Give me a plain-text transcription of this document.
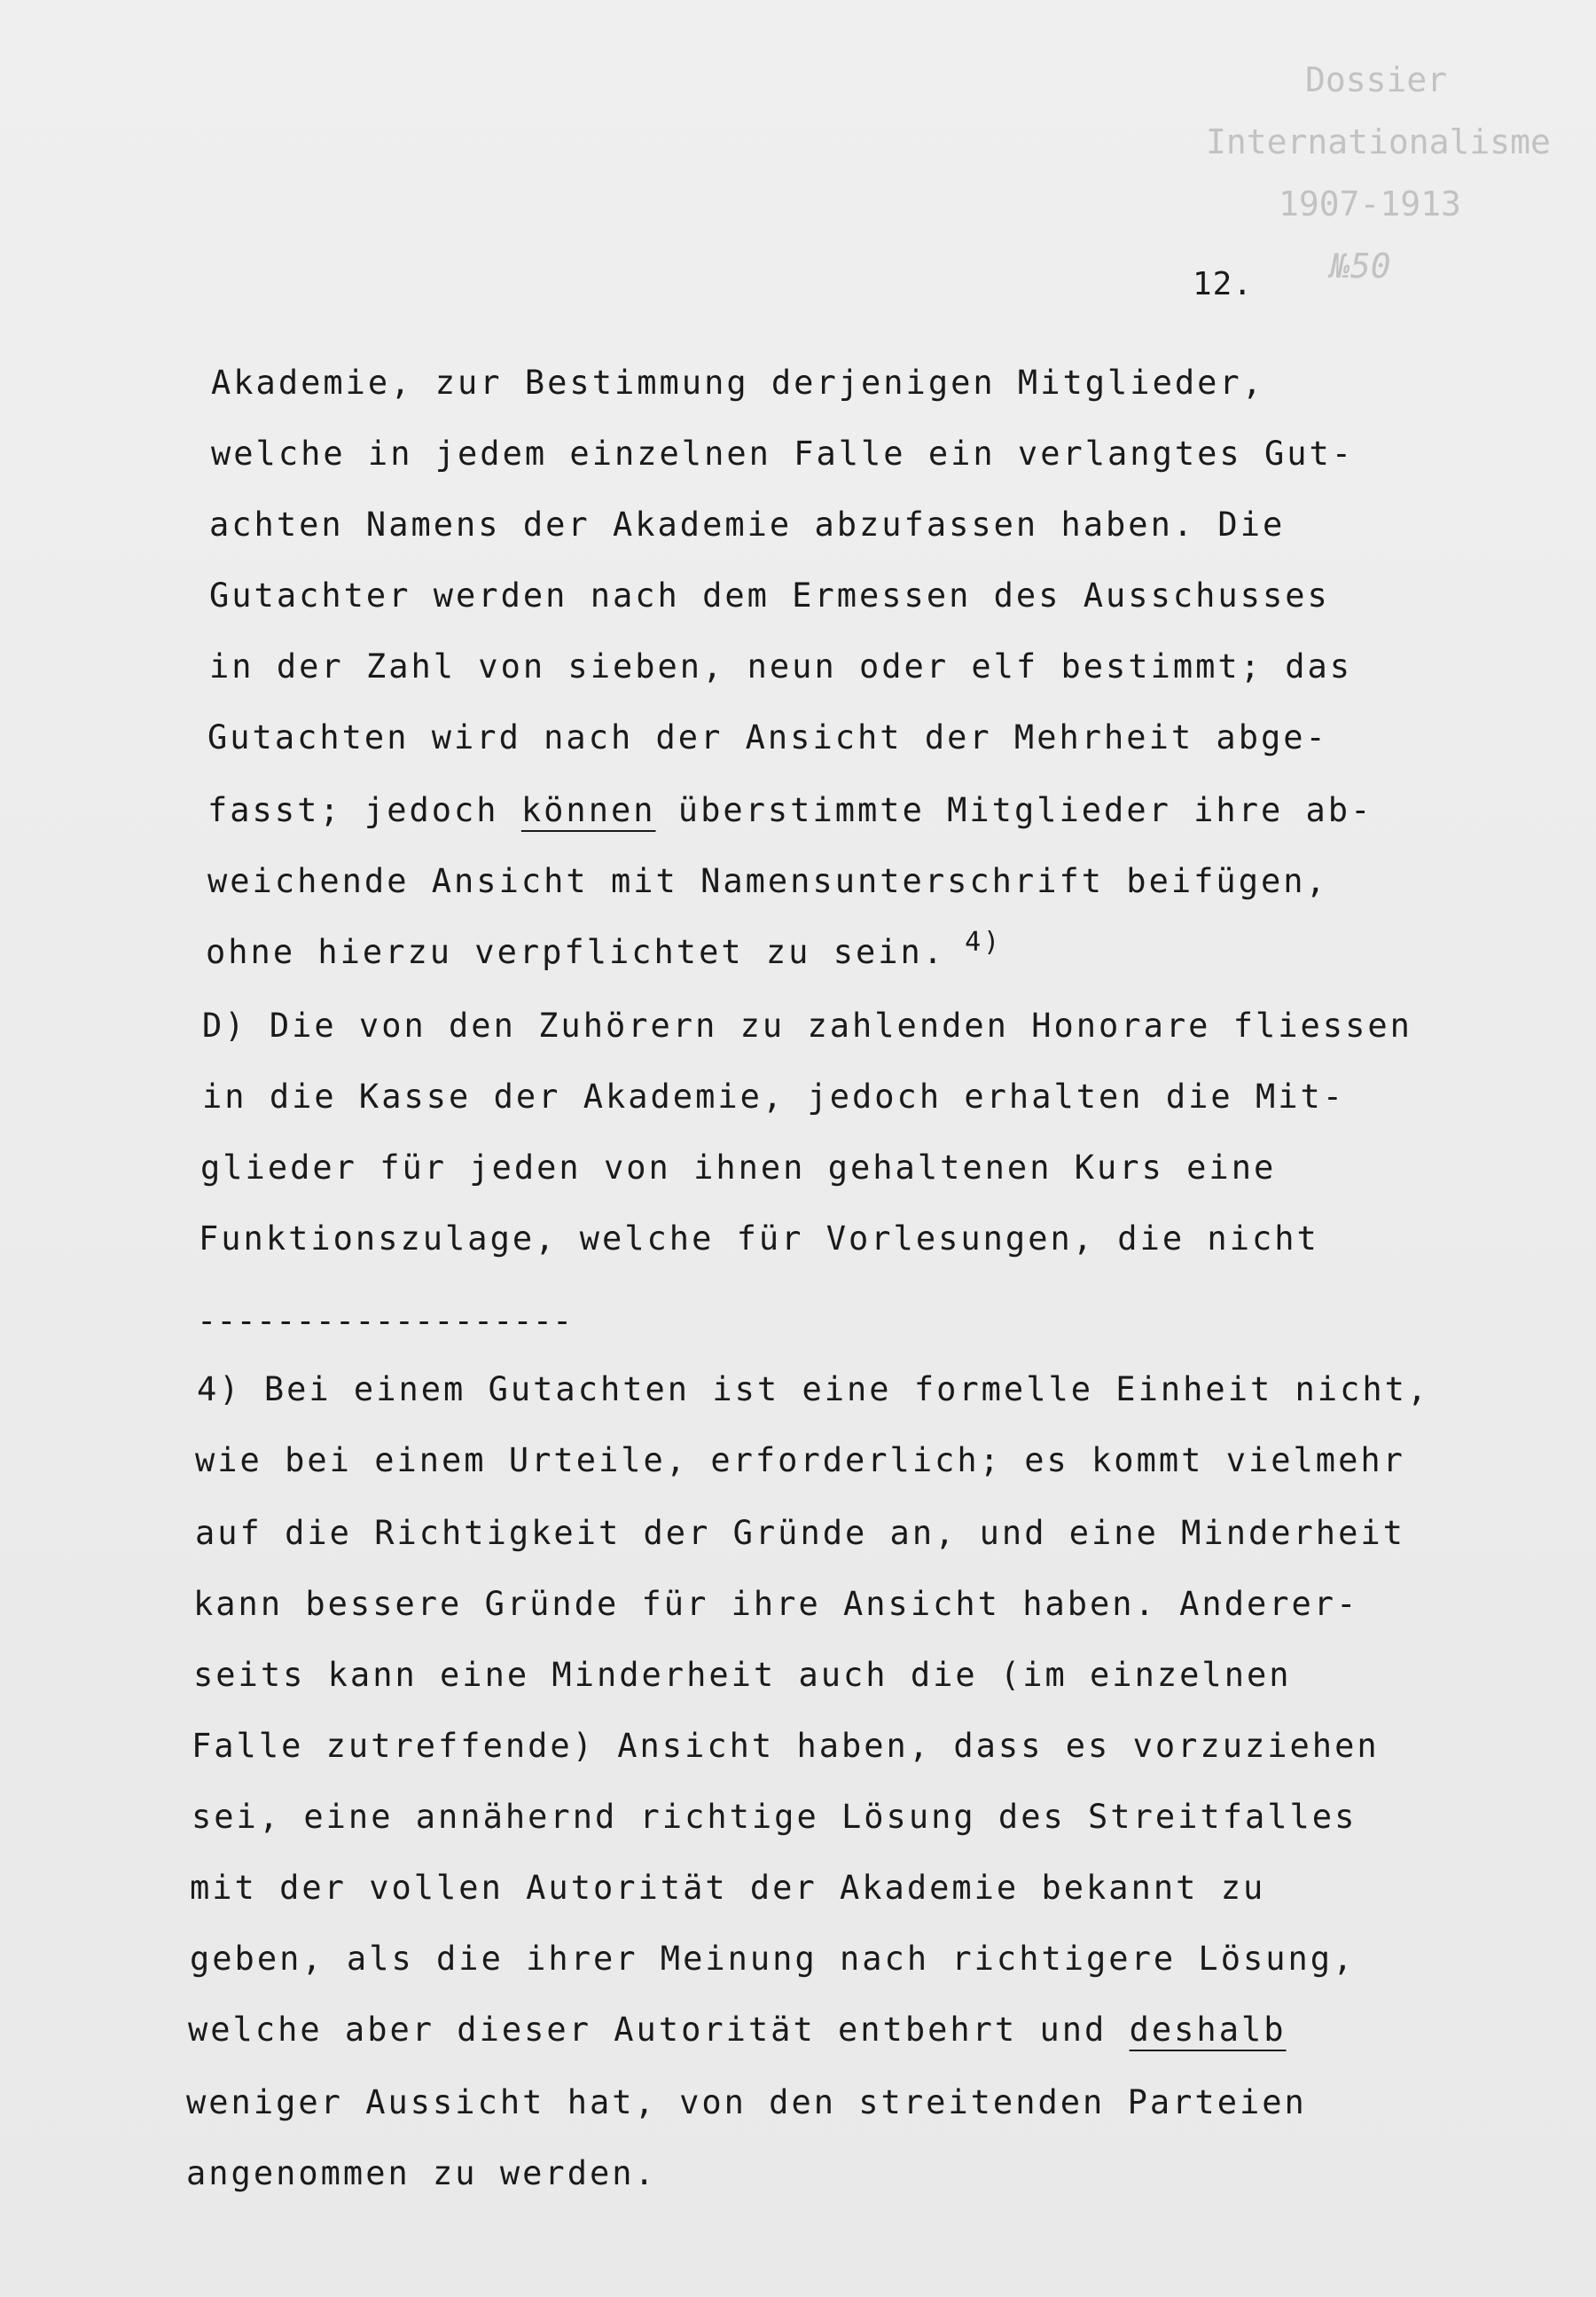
Dossier
Internationalisme
1907-1913
№50
12.

Akademie, zur Bestimmung derjenigen Mitglieder,

welche in jedem einzelnen Falle ein verlangtes Gut-

achten Namens der Akademie abzufassen haben. Die

Gutachter werden nach dem Ermessen des Ausschusses

in der Zahl von sieben, neun oder elf bestimmt; das

Gutachten wird nach der Ansicht der Mehrheit abge-

fasst; jedoch können überstimmte Mitglieder ihre ab-

weichende Ansicht mit Namensunterschrift beifügen,

ohne hierzu verpflichtet zu sein. $^{4)}$

D) Die von den Zuhörern zu zahlenden Honorare fliessen

in die Kasse der Akademie, jedoch erhalten die Mit-

glieder für jeden von ihnen gehaltenen Kurs eine

Funktionszulage, welche für Vorlesungen, die nicht

-------------------

4) Bei einem Gutachten ist eine formelle Einheit nicht,

wie bei einem Urteile, erforderlich; es kommt vielmehr

auf die Richtigkeit der Gründe an, und eine Minderheit

kann bessere Gründe für ihre Ansicht haben. Anderer-

seits kann eine Minderheit auch die (im einzelnen

Falle zutreffende) Ansicht haben, dass es vorzuziehen

sei, eine annähernd richtige Lösung des Streitfalles

mit der vollen Autorität der Akademie bekannt zu

geben, als die ihrer Meinung nach richtigere Lösung,

welche aber dieser Autorität entbehrt und deshalb

weniger Aussicht hat, von den streitenden Parteien

angenommen zu werden.
